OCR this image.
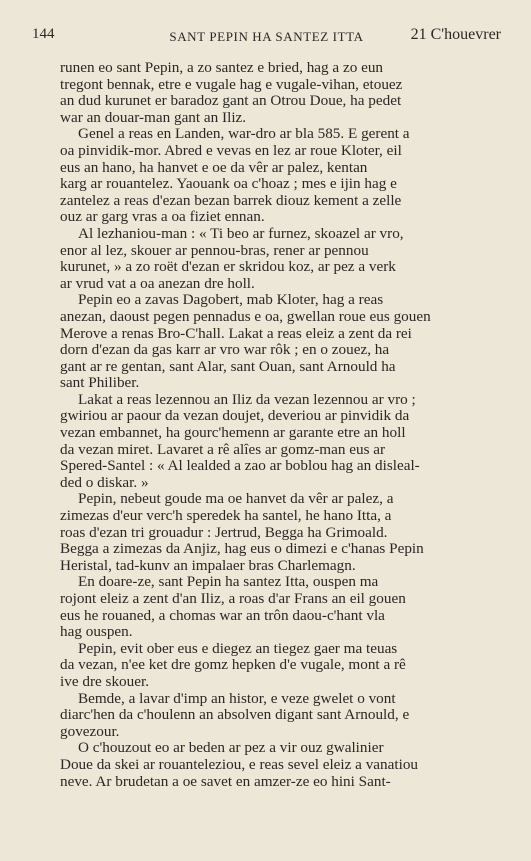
144	SANT PEPIN HA SANTEZ ITTA	21 C'houevrer
runen eo sant Pepin, a zo santez e bried, hag a zo eun
tregont bennak, etre e vugale hag e vugale-vihan, etouez
an dud kurunet er baradoz gant an Otrou Doue, ha pedet
war an douar-man gant an Iliz.
Genel a reas en Landen, war-dro ar bla 585. E gerent a
oa pinvidik-mor. Abred e vevas en lez ar roue Kloter, eil
eus an hano, ha hanvet e oe da vêr ar palez, kentan
karg ar rouantelez. Yaouank oa c'hoaz ; mes e ijin hag e
zantelez a reas d'ezan bezan barrek diouz kement a zelle
ouz ar garg vras a oa fiziet ennan.
Al lezhaniou-man : « Ti beo ar furnez, skoazel ar vro,
enor al lez, skouer ar pennou-bras, rener ar pennou
kurunet, » a zo roët d'ezan er skridou koz, ar pez a verk
ar vrud vat a oa anezan dre holl.
Pepin eo a zavas Dagobert, mab Kloter, hag a reas
anezan, daoust pegen pennadus e oa, gwellan roue eus gouen
Merove a renas Bro-C'hall. Lakat a reas eleiz a zent da rei
dorn d'ezan da gas karr ar vro war rôk ; en o zouez, ha
gant ar re gentan, sant Alar, sant Ouan, sant Arnould ha
sant Philiber.
Lakat a reas lezennou an Iliz da vezan lezennou ar vro ;
gwiriou ar paour da vezan doujet, deveriou ar pinvidik da
vezan embannet, ha gourc'hemenn ar garante etre an holl
da vezan miret. Lavaret a rê alîes ar gomz-man eus ar
Spered-Santel : « Al lealded a zao ar boblou hag an disleal-
ded o diskar. »
Pepin, nebeut goude ma oe hanvet da vêr ar palez, a
zimezas d'eur verc'h speredek ha santel, he hano Itta, a
roas d'ezan tri grouadur : Jertrud, Begga ha Grimoald.
Begga a zimezas da Anjiz, hag eus o dimezi e c'hanas Pepin
Heristal, tad-kunv an impalaer bras Charlemagn.
En doare-ze, sant Pepin ha santez Itta, ouspen ma
rojont eleiz a zent d'an Iliz, a roas d'ar Frans an eil gouen
eus he rouaned, a chomas war an trôn daou-c'hant vla
hag ouspen.
Pepin, evit ober eus e diegez an tiegez gaer ma teuas
da vezan, n'ee ket dre gomz hepken d'e vugale, mont a rê
ive dre skouer.
Bemde, a lavar d'imp an histor, e veze gwelet o vont
diarc'hen da c'houlenn an absolven digant sant Arnould, e
govezour.
O c'houzout eo ar beden ar pez a vir ouz gwalinier
Doue da skei ar rouanteleziou, e reas sevel eleiz a vanatiou
neve. Ar brudetan a oe savet en amzer-ze eo hini Sant-
